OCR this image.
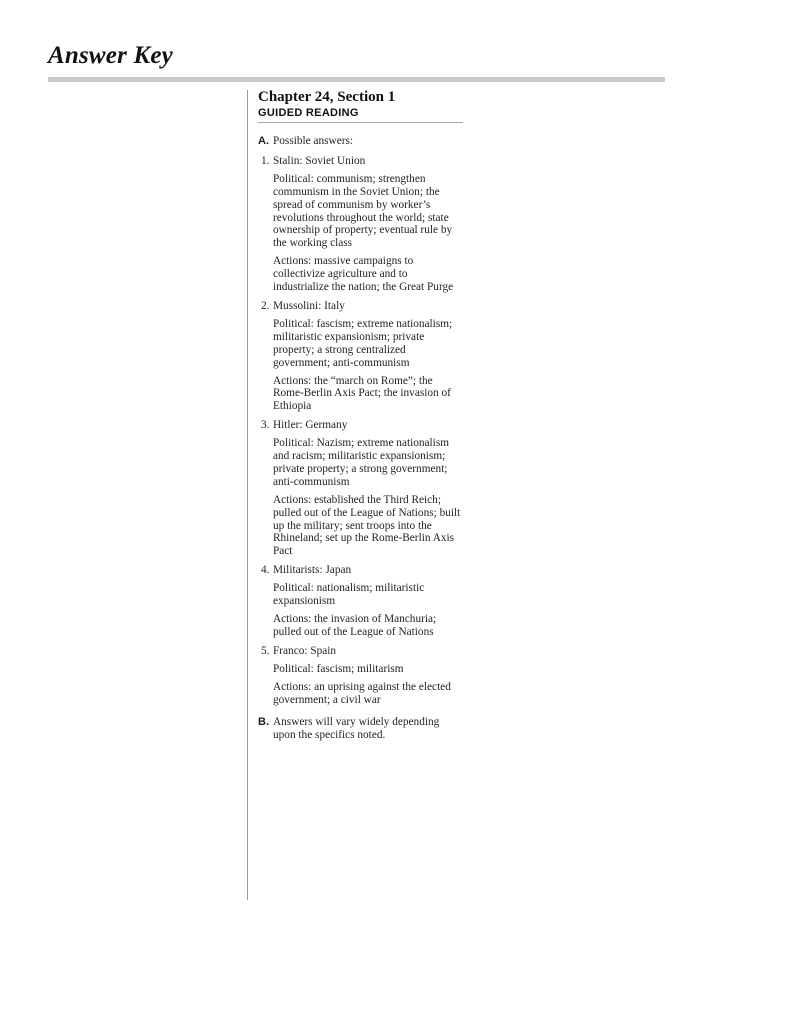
Answer Key
Chapter 24, Section 1
GUIDED READING
A. Possible answers:
1. Stalin: Soviet Union
Political: communism; strengthen communism in the Soviet Union; the spread of communism by worker’s revolutions throughout the world; state ownership of property; eventual rule by the working class
Actions: massive campaigns to collectivize agriculture and to industrialize the nation; the Great Purge
2. Mussolini: Italy
Political: fascism; extreme nationalism; militaristic expansionism; private property; a strong centralized government; anti-communism
Actions: the “march on Rome”; the Rome-Berlin Axis Pact; the invasion of Ethiopia
3. Hitler: Germany
Political: Nazism; extreme nationalism and racism; militaristic expansionism; private property; a strong government; anti-communism
Actions: established the Third Reich; pulled out of the League of Nations; built up the military; sent troops into the Rhineland; set up the Rome-Berlin Axis Pact
4. Militarists: Japan
Political: nationalism; militaristic expansionism
Actions: the invasion of Manchuria; pulled out of the League of Nations
5. Franco: Spain
Political: fascism; militarism
Actions: an uprising against the elected government; a civil war
B. Answers will vary widely depending upon the specifics noted.
